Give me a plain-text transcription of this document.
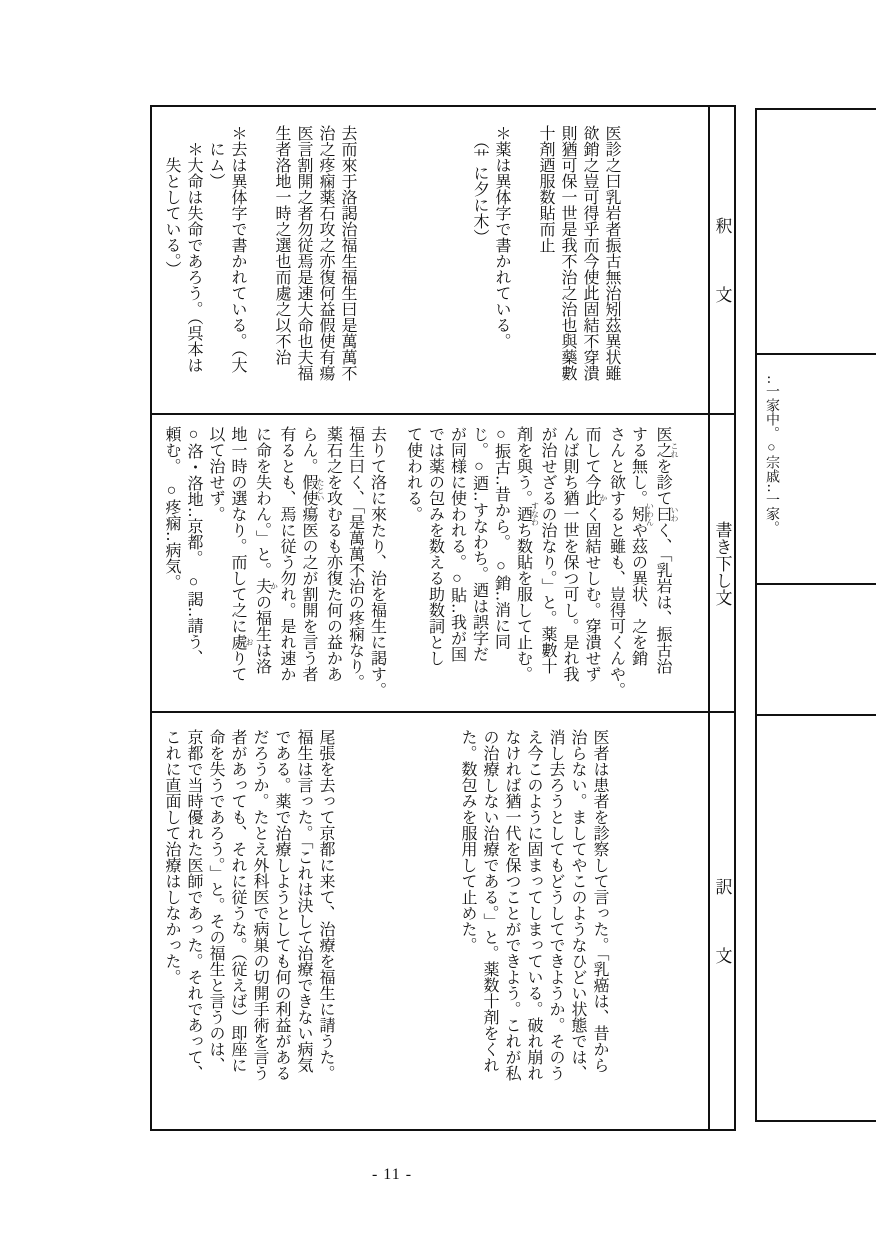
医診之曰乳岩者振古無治矧茲異状雖
欲銷之豈可得乎而今使此固結不穿潰
則猶可保一世是我不治之治也與藥數
十剤迺服数貼而止

＊薬は異体字で書かれている。
　（艹に夕に木）

去而來于洛謁治福生福生曰是萬萬不
治之疼痫薬石攻之亦復何益假使有瘍
医言割開之者勿従焉是速大命也夫福
生者洛地一時之選也而處之以不治

＊去は異体字で書かれている。（大
　にム）

　＊大命は失命であろう。（呉本は
　　失としている。）

釈文

医之 これを診て曰 いわく、「乳岩は、振古治
する無し。矧 いわんや茲の異状、之を銷
さんと欲すると雖も、豈得可くんや。
而して今此 かく固結せしむ。穿潰せず
んば則ち猶一世を保つ可し。是れ我
が治せざるの治なり。」と。薬數十
剤を與う。迺 すなわち数貼を服して止む。

○振古‥昔から。　○銷‥消に同
じ。○迺‥すなわち。迺は誤字だ
が同様に使われる。○貼‥我が国
では薬の包みを数える助数詞とし
て使われる。

去りて洛に來たり、治を福生に謁す。
福生曰く、「是萬萬不治の疼痫なり。
薬石之を攻むるも亦復た何の益かあ
らん。假使 たとい瘍医の之が割開を言う者
有るとも、焉に従う勿れ。是れ速か
に命を失わん。」と。夫 かの福生は洛
地一時の選なり。而して之に處 おりて
以て治せず。

○洛・洛地‥京都。　○謁‥請う、
頼む。　○疼痫‥病気。	書き下し文

医者は患者を診察して言った。「乳癌は、昔から
治らない。ましてやこのようなひどい状態では、
消し去ろうとしてもどうしてできようか。そのう
え今このように固まってしまっている。破れ崩れ
なければ猶一代を保つことができよう。これが私
の治療しない治療である。」と。薬数十剤をくれ
た。数包みを服用して止めた。

尾張を去って京都に来て、治療を福生に請うた。
福生は言った。「これは決して治療できない病気
である。薬で治療しようとしても何の利益がある
だろうか。たとえ外科医で病巣の切開手術を言う
者があっても、それに従うな。（従えば）即座に
命を失うであろう。」と。その福生と言うのは、
京都で当時優れた医師であった。それであって、
これに直面して治療はしなかった。	訳文
‥一家中。○宗戚‥一家。
- 11 -
